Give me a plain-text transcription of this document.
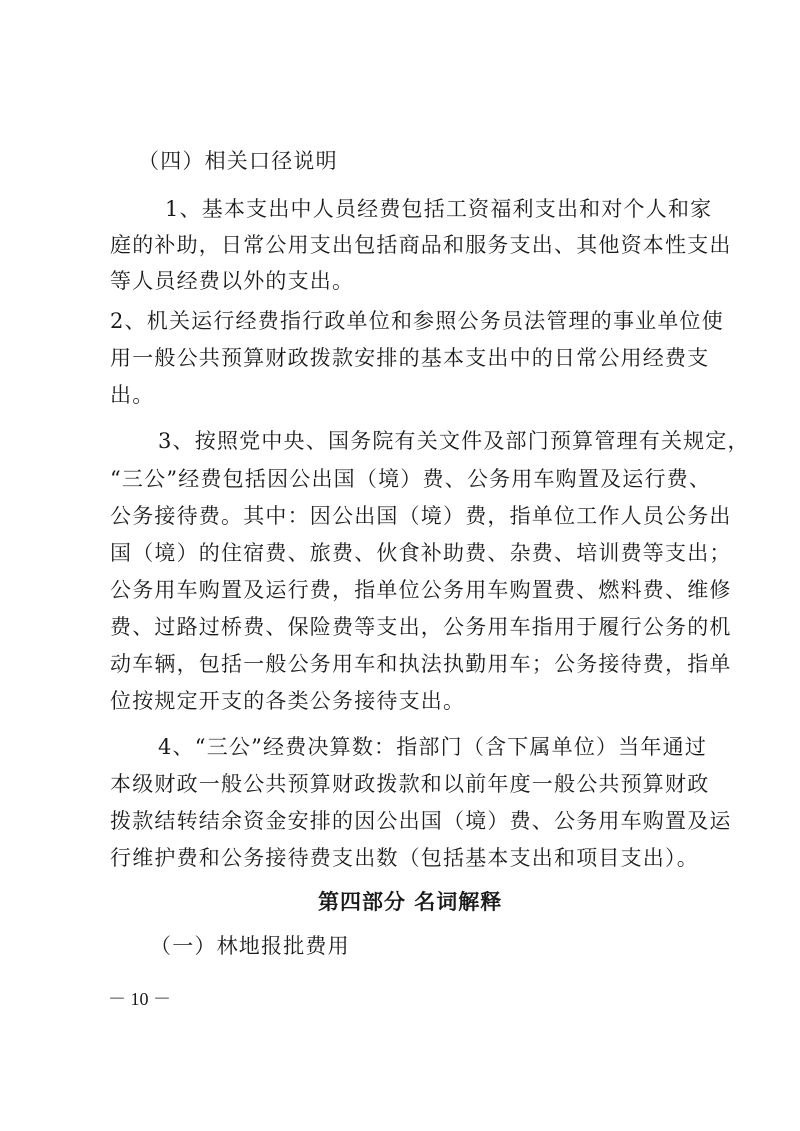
（四）相关口径说明
1、基本支出中人员经费包括工资福利支出和对个人和家
庭的补助，日常公用支出包括商品和服务支出、其他资本性支出
等人员经费以外的支出。
2、机关运行经费指行政单位和参照公务员法管理的事业单位使
用一般公共预算财政拨款安排的基本支出中的日常公用经费支
出。
3、按照党中央、国务院有关文件及部门预算管理有关规定，
“三公”经费包括因公出国（境）费、公务用车购置及运行费、
公务接待费。其中：因公出国（境）费，指单位工作人员公务出
国（境）的住宿费、旅费、伙食补助费、杂费、培训费等支出；
公务用车购置及运行费，指单位公务用车购置费、燃料费、维修
费、过路过桥费、保险费等支出，公务用车指用于履行公务的机
动车辆，包括一般公务用车和执法执勤用车；公务接待费，指单
位按规定开支的各类公务接待支出。
4、“三公”经费决算数：指部门（含下属单位）当年通过
本级财政一般公共预算财政拨款和以前年度一般公共预算财政
拨款结转结余资金安排的因公出国（境）费、公务用车购置及运
行维护费和公务接待费支出数（包括基本支出和项目支出）。
第四部分 名词解释
（一）林地报批费用
－ 10 －
